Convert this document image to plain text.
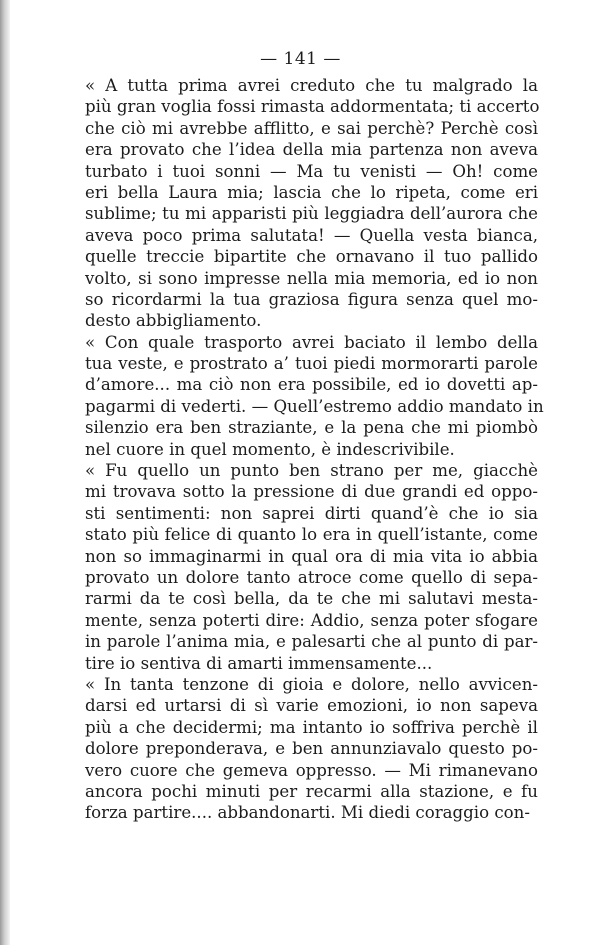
— 141 —
« A tutta prima avrei creduto che tu malgrado la
più gran voglia fossi rimasta addormentata; ti accerto
che ciò mi avrebbe afflitto, e sai perchè? Perchè così
era provato che l’idea della mia partenza non aveva
turbato i tuoi sonni — Ma tu venisti — Oh! come
eri bella Laura mia; lascia che lo ripeta, come eri
sublime; tu mi apparisti più leggiadra dell’aurora che
aveva poco prima salutata! — Quella vesta bianca,
quelle treccie bipartite che ornavano il tuo pallido
volto, si sono impresse nella mia memoria, ed io non
so ricordarmi la tua graziosa figura senza quel mo-
desto abbigliamento.
« Con quale trasporto avrei baciato il lembo della
tua veste, e prostrato a’ tuoi piedi mormorarti parole
d’amore... ma ciò non era possibile, ed io dovetti ap-
pagarmi di vederti. — Quell’estremo addio mandato in
silenzio era ben straziante, e la pena che mi piombò
nel cuore in quel momento, è indescrivibile.
« Fu quello un punto ben strano per me, giacchè
mi trovava sotto la pressione di due grandi ed oppo-
sti sentimenti: non saprei dirti quand’è che io sia
stato più felice di quanto lo era in quell’istante, come
non so immaginarmi in qual ora di mia vita io abbia
provato un dolore tanto atroce come quello di sepa-
rarmi da te così bella, da te che mi salutavi mesta-
mente, senza poterti dire: Addio, senza poter sfogare
in parole l’anima mia, e palesarti che al punto di par-
tire io sentiva di amarti immensamente...
« In tanta tenzone di gioia e dolore, nello avvicen-
darsi ed urtarsi di sì varie emozioni, io non sapeva
più a che decidermi; ma intanto io soffriva perchè il
dolore preponderava, e ben annunziavalo questo po-
vero cuore che gemeva oppresso. — Mi rimanevano
ancora pochi minuti per recarmi alla stazione, e fu
forza partire.... abbandonarti. Mi diedi coraggio con-
